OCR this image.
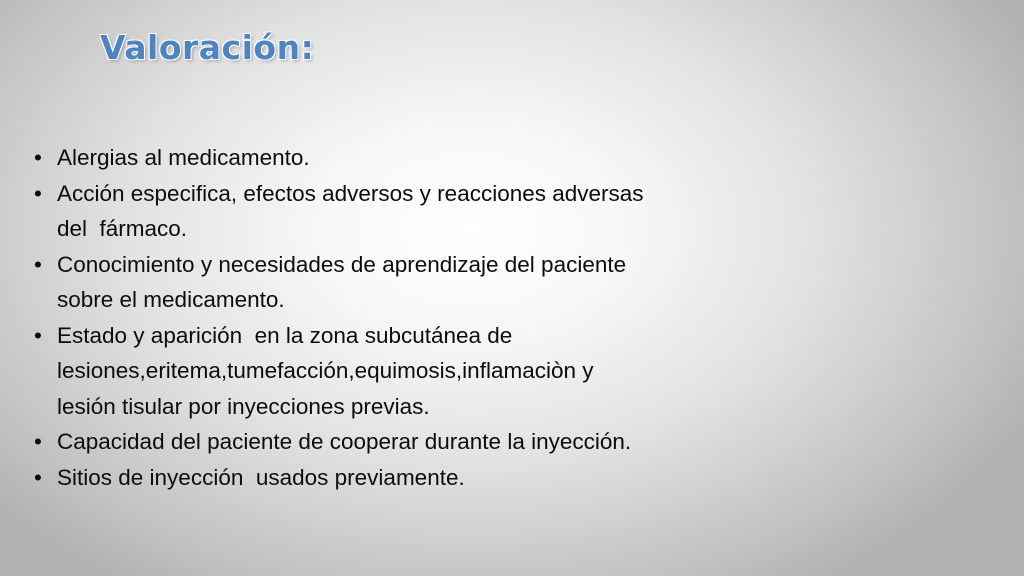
Valoración:
• Alergias al medicamento.
• Acción especifica, efectos adversos y reacciones adversas
del  fármaco.
• Conocimiento y necesidades de aprendizaje del paciente
sobre el medicamento.
• Estado y aparición  en la zona subcutánea de
lesiones,eritema,tumefacción,equimosis,inflamaciòn y
lesión tisular por inyecciones previas.
• Capacidad del paciente de cooperar durante la inyección.
• Sitios de inyección  usados previamente.
